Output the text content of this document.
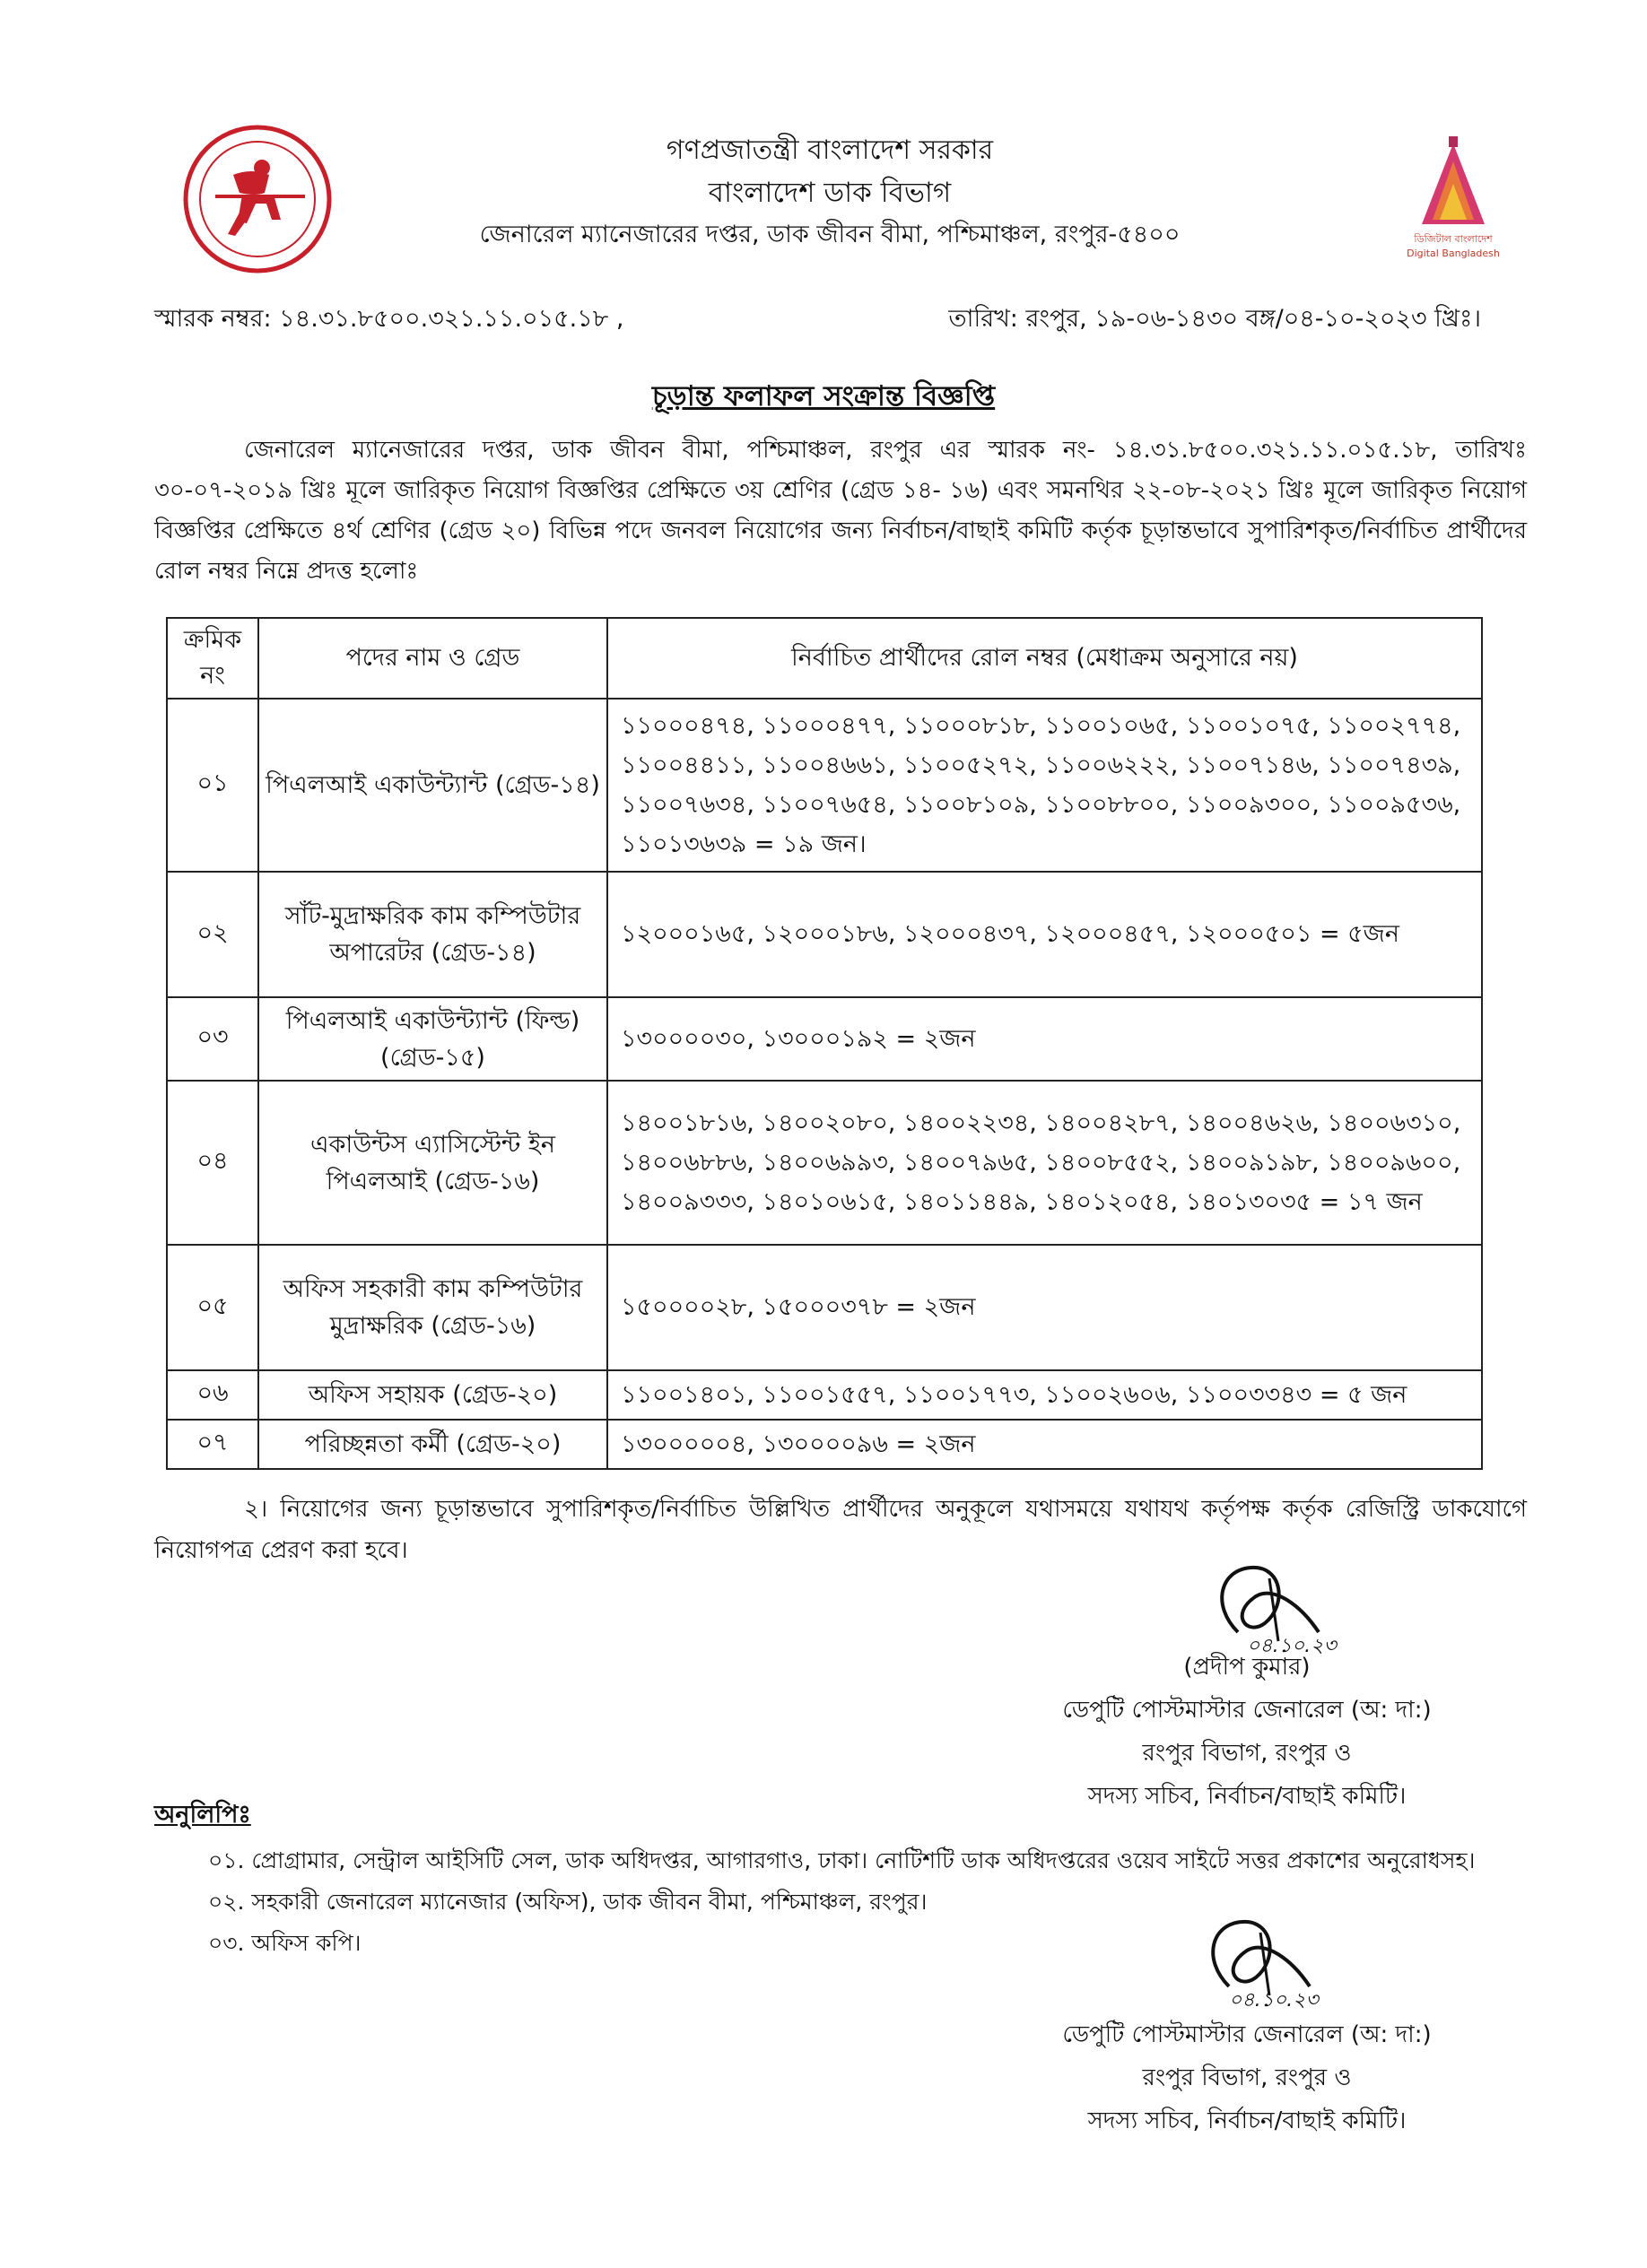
ডিজিটাল বাংলাদেশ
Digital Bangladesh
গণপ্রজাতন্ত্রী বাংলাদেশ সরকার
বাংলাদেশ ডাক বিভাগ
জেনারেল ম্যানেজারের দপ্তর, ডাক জীবন বীমা, পশ্চিমাঞ্চল, রংপুর-৫৪০০
স্মারক নম্বর: ১৪.৩১.৮৫০০.৩২১.১১.০১৫.১৮ ,	তারিখ: রংপুর, ১৯-০৬-১৪৩০ বঙ্গ/০৪-১০-২০২৩ খ্রিঃ।
চূড়ান্ত ফলাফল সংক্রান্ত বিজ্ঞপ্তি
জেনারেল ম্যানেজারের দপ্তর, ডাক জীবন বীমা, পশ্চিমাঞ্চল, রংপুর এর স্মারক নং- ১৪.৩১.৮৫০০.৩২১.১১.০১৫.১৮, তারিখঃ ৩০-০৭-২০১৯ খ্রিঃ মূলে জারিকৃত নিয়োগ বিজ্ঞপ্তির প্রেক্ষিতে ৩য় শ্রেণির (গ্রেড ১৪- ১৬) এবং সমনথির ২২-০৮-২০২১ খ্রিঃ মূলে জারিকৃত নিয়োগ বিজ্ঞপ্তির প্রেক্ষিতে ৪র্থ শ্রেণির (গ্রেড ২০) বিভিন্ন পদে জনবল নিয়োগের জন্য নির্বাচন/বাছাই কমিটি কর্তৃক চূড়ান্তভাবে সুপারিশকৃত/নির্বাচিত প্রার্থীদের রোল নম্বর নিম্নে প্রদত্ত হলোঃ
ক্রমিক নং	পদের নাম ও গ্রেড	নির্বাচিত প্রার্থীদের রোল নম্বর (মেধাক্রম অনুসারে নয়)
০১	পিএলআই একাউন্ট্যান্ট (গ্রেড-১৪)	১১০০০৪৭৪, ১১০০০৪৭৭, ১১০০০৮১৮, ১১০০১০৬৫, ১১০০১০৭৫, ১১০০২৭৭৪, ১১০০৪৪১১, ১১০০৪৬৬১, ১১০০৫২৭২, ১১০০৬২২২, ১১০০৭১৪৬, ১১০০৭৪৩৯, ১১০০৭৬৩৪, ১১০০৭৬৫৪, ১১০০৮১০৯, ১১০০৮৮০০, ১১০০৯৩০০, ১১০০৯৫৩৬, ১১০১৩৬৩৯ = ১৯ জন।
০২	সাঁট-মুদ্রাক্ষরিক কাম কম্পিউটার অপারেটর (গ্রেড-১৪)	১২০০০১৬৫, ১২০০০১৮৬, ১২০০০৪৩৭, ১২০০০৪৫৭, ১২০০০৫০১ = ৫জন
০৩	পিএলআই একাউন্ট্যান্ট (ফিল্ড) (গ্রেড-১৫)	১৩০০০০৩০, ১৩০০০১৯২ = ২জন
০৪	একাউন্টস এ্যাসিস্টেন্ট ইন পিএলআই (গ্রেড-১৬)	১৪০০১৮১৬, ১৪০০২০৮০, ১৪০০২২৩৪, ১৪০০৪২৮৭, ১৪০০৪৬২৬, ১৪০০৬৩১০, ১৪০০৬৮৮৬, ১৪০০৬৯৯৩, ১৪০০৭৯৬৫, ১৪০০৮৫৫২, ১৪০০৯১৯৮, ১৪০০৯৬০০, ১৪০০৯৩৩৩, ১৪০১০৬১৫, ১৪০১১৪৪৯, ১৪০১২০৫৪, ১৪০১৩০৩৫ = ১৭ জন
০৫	অফিস সহকারী কাম কম্পিউটার মুদ্রাক্ষরিক (গ্রেড-১৬)	১৫০০০০২৮, ১৫০০০৩৭৮ = ২জন
০৬	অফিস সহায়ক (গ্রেড-২০)	১১০০১৪০১, ১১০০১৫৫৭, ১১০০১৭৭৩, ১১০০২৬০৬, ১১০০৩৩৪৩ = ৫ জন
০৭	পরিচ্ছন্নতা কর্মী (গ্রেড-২০)	১৩০০০০০৪, ১৩০০০০৯৬ = ২জন
২। নিয়োগের জন্য চূড়ান্তভাবে সুপারিশকৃত/নির্বাচিত উল্লিখিত প্রার্থীদের অনুকূলে যথাসময়ে যথাযথ কর্তৃপক্ষ কর্তৃক রেজিস্ট্রি ডাকযোগে নিয়োগপত্র প্রেরণ করা হবে।
০৪.১০.২৩
(প্রদীপ কুমার)
ডেপুটি পোস্টমাস্টার জেনারেল (অ: দা:)
রংপুর বিভাগ, রংপুর ও
সদস্য সচিব, নির্বাচন/বাছাই কমিটি।
অনুলিপিঃ
০১. প্রোগ্রামার, সেন্ট্রাল আইসিটি সেল, ডাক অধিদপ্তর, আগারগাও, ঢাকা। নোটিশটি ডাক অধিদপ্তরের ওয়েব সাইটে সত্তর প্রকাশের অনুরোধসহ।
০২. সহকারী জেনারেল ম্যানেজার (অফিস), ডাক জীবন বীমা, পশ্চিমাঞ্চল, রংপুর।
০৩. অফিস কপি।
০৪.১০.২৩
ডেপুটি পোস্টমাস্টার জেনারেল (অ: দা:)
রংপুর বিভাগ, রংপুর ও
সদস্য সচিব, নির্বাচন/বাছাই কমিটি।
